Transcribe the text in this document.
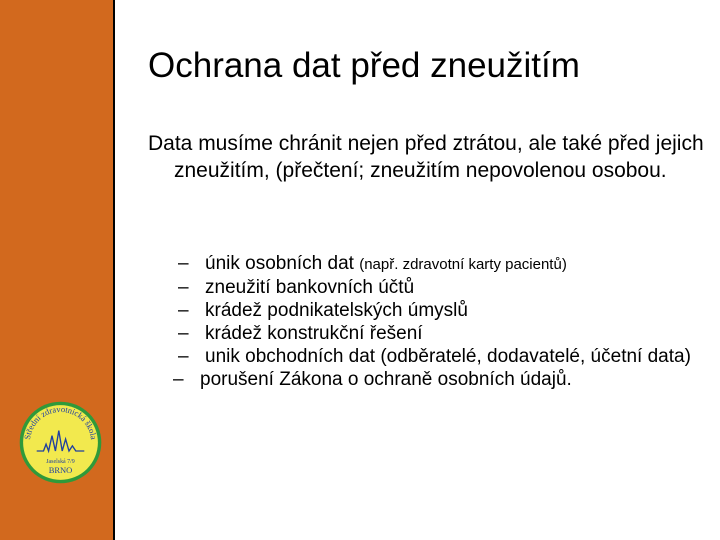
Ochrana dat před zneužitím
Data musíme chránit nejen před ztrátou, ale také před jejich zneužitím, (přečtení; zneužitím nepovolenou osobou.
– únik osobních dat (např. zdravotní karty pacientů)
– zneužití bankovních účtů
– krádež podnikatelských úmyslů
– krádež konstrukční řešení
– unik obchodních dat (odběratelé, dodavatelé, účetní data)
– porušení Zákona o ochraně osobních údajů.
Střední zdravotnická škola
Jaselská 7/9
BRNO
